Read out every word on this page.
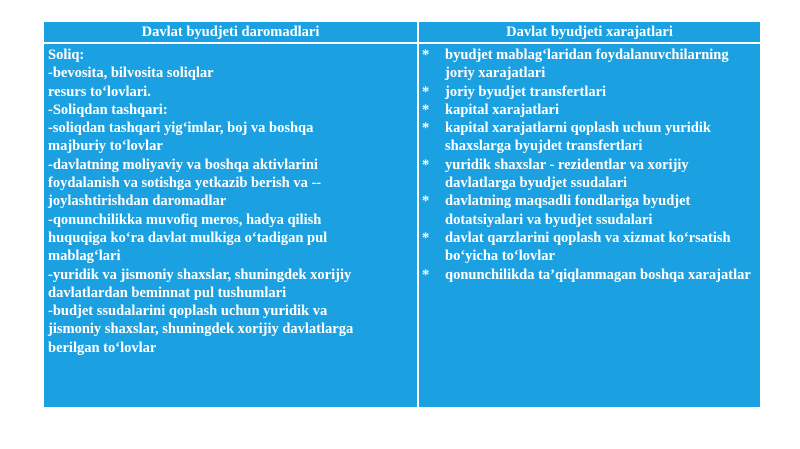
Davlat byudjeti daromadlari	Davlat byudjeti xarajatlari
Soliq:
-bevosita, bilvosita soliqlar
resurs to‘lovlari.
-Soliqdan tashqari:
-soliqdan tashqari yig‘imlar, boj va boshqa
majburiy to‘lovlar
-davlatning moliyaviy va boshqa aktivlarini
foydalanish va sotishga yetkazib berish va --
joylashtirishdan daromadlar
-qonunchilikka muvofiq meros, hadya qilish
huquqiga ko‘ra davlat mulkiga o‘tadigan pul
mablag‘lari
-yuridik va jismoniy shaxslar, shuningdek xorijiy
davlatlardan beminnat pul tushumlari
-budjet ssudalarini qoplash uchun yuridik va
jismoniy shaxslar, shuningdek xorijiy davlatlarga
berilgan to‘lovlar
* byudjet mablag‘laridan foydalanuvchilarning joriy xarajatlari
* joriy byudjet transfertlari
* kapital xarajatlari
* kapital xarajatlarni qoplash uchun yuridik shaxslarga byujdet transfertlari
* yuridik shaxslar - rezidentlar va xorijiy davlatlarga byudjet ssudalari
* davlatning maqsadli fondlariga byudjet dotatsiyalari va byudjet ssudalari
* davlat qarzlarini qoplash va xizmat ko‘rsatish bo‘yicha to‘lovlar
* qonunchilikda ta’qiqlanmagan boshqa xarajatlar
